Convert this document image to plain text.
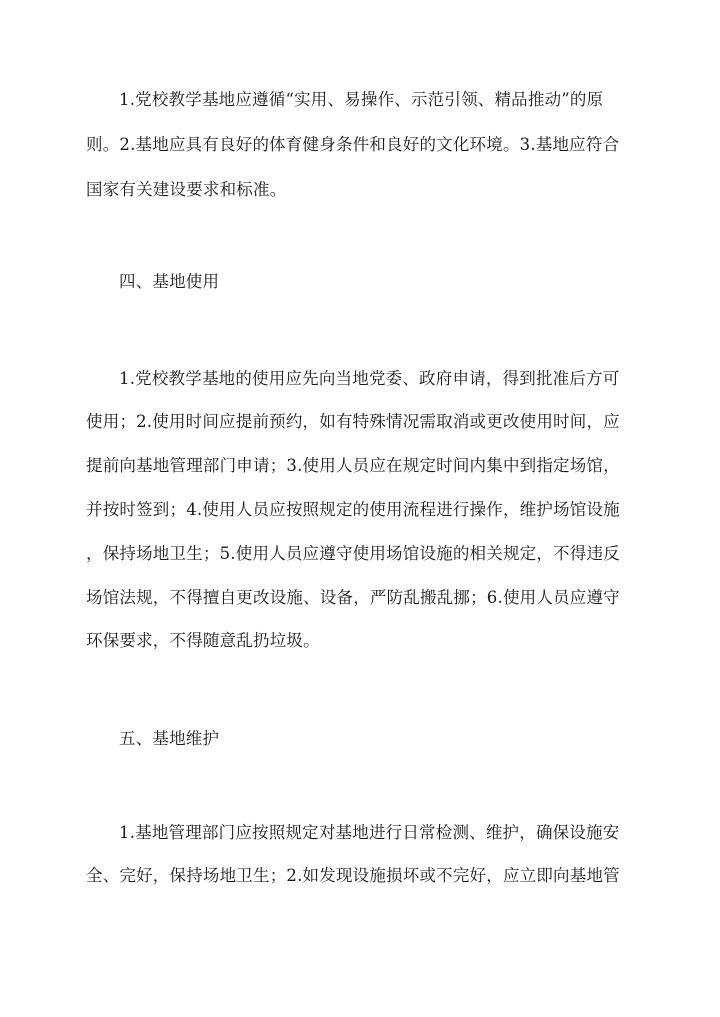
1.党校教学基地应遵循“实用、易操作、示范引领、精品推动”的原
则。2.基地应具有良好的体育健身条件和良好的文化环境。3.基地应符合
国家有关建设要求和标准。
四、基地使用
1.党校教学基地的使用应先向当地党委、政府申请，得到批准后方可
使用；2.使用时间应提前预约，如有特殊情况需取消或更改使用时间，应
提前向基地管理部门申请；3.使用人员应在规定时间内集中到指定场馆，
并按时签到；4.使用人员应按照规定的使用流程进行操作，维护场馆设施
，保持场地卫生；5.使用人员应遵守使用场馆设施的相关规定，不得违反
场馆法规，不得擅自更改设施、设备，严防乱搬乱挪；6.使用人员应遵守
环保要求，不得随意乱扔垃圾。
五、基地维护
1.基地管理部门应按照规定对基地进行日常检测、维护，确保设施安
全、完好，保持场地卫生；2.如发现设施损坏或不完好，应立即向基地管
